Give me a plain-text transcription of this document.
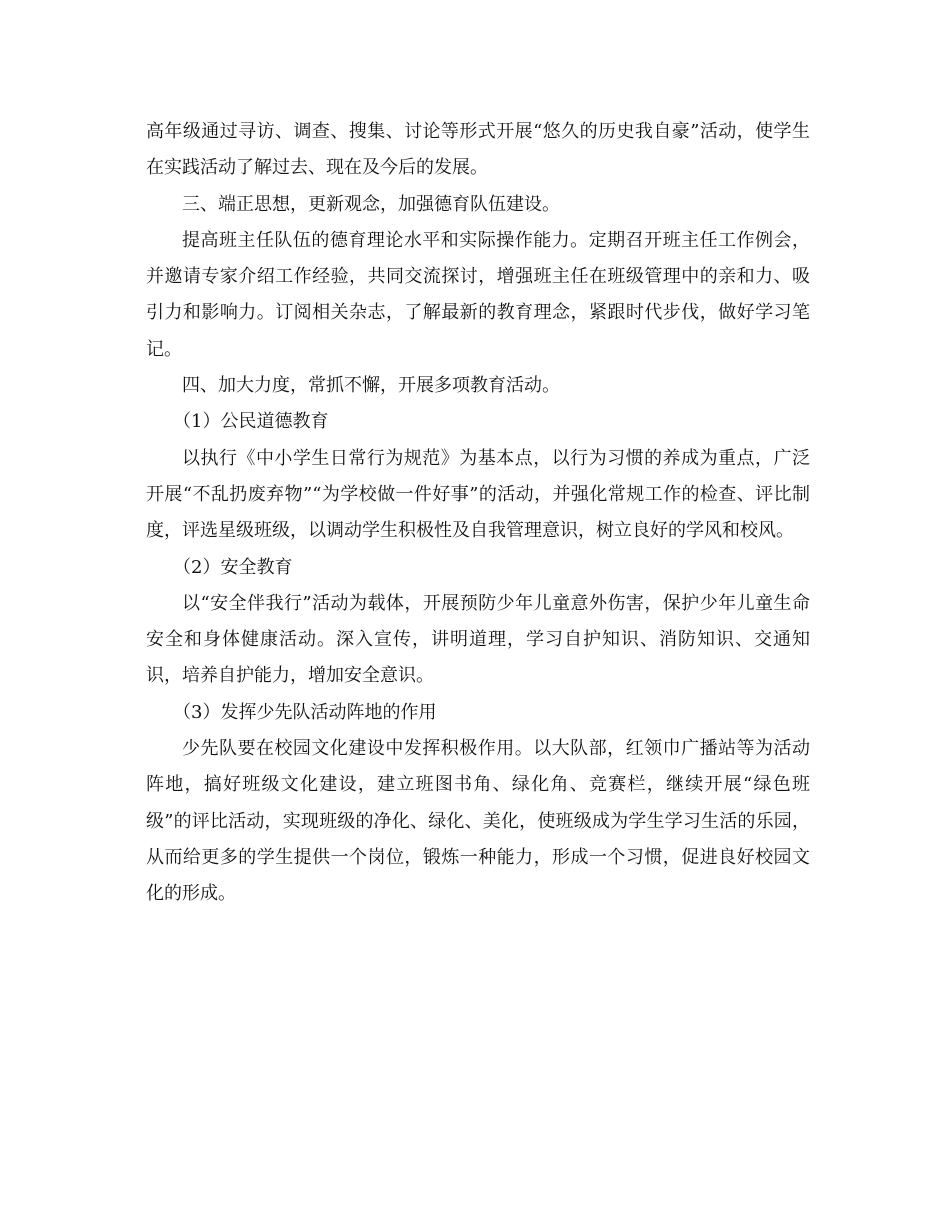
高年级通过寻访、调查、搜集、讨论等形式开展“悠久的历史我自豪”活动，使学生在实践活动了解过去、现在及今后的发展。

三、端正思想，更新观念，加强德育队伍建设。

提高班主任队伍的德育理论水平和实际操作能力。定期召开班主任工作例会，并邀请专家介绍工作经验，共同交流探讨，增强班主任在班级管理中的亲和力、吸引力和影响力。订阅相关杂志，了解最新的教育理念，紧跟时代步伐，做好学习笔记。

四、加大力度，常抓不懈，开展多项教育活动。

（1）公民道德教育

以执行《中小学生日常行为规范》为基本点，以行为习惯的养成为重点，广泛开展“不乱扔废弃物”“为学校做一件好事”的活动，并强化常规工作的检查、评比制度，评选星级班级，以调动学生积极性及自我管理意识，树立良好的学风和校风。

（2）安全教育

以“安全伴我行”活动为载体，开展预防少年儿童意外伤害，保护少年儿童生命安全和身体健康活动。深入宣传，讲明道理，学习自护知识、消防知识、交通知识，培养自护能力，增加安全意识。

（3）发挥少先队活动阵地的作用

少先队要在校园文化建设中发挥积极作用。以大队部，红领巾广播站等为活动阵地，搞好班级文化建设，建立班图书角、绿化角、竞赛栏，继续开展“绿色班级”的评比活动，实现班级的净化、绿化、美化，使班级成为学生学习生活的乐园，从而给更多的学生提供一个岗位，锻炼一种能力，形成一个习惯，促进良好校园文化的形成。
